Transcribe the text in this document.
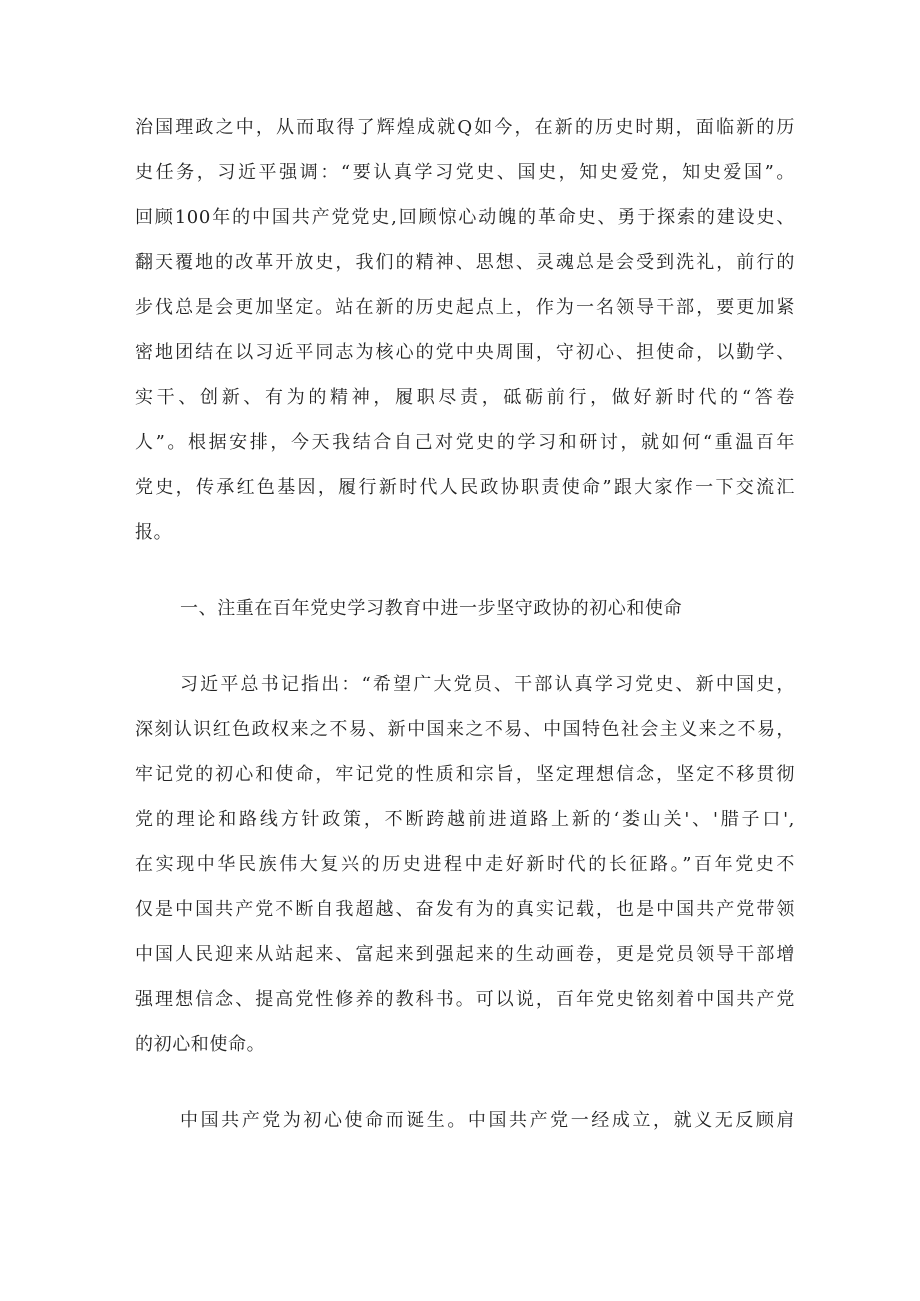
治国理政之中，从而取得了辉煌成就Q如今，在新的历史时期，面临新的历

史任务，习近平强调：“要认真学习党史、国史，知史爱党，知史爱国”。

回顾100年的中国共产党党史,回顾惊心动魄的革命史、勇于探索的建设史、

翻天覆地的改革开放史，我们的精神、思想、灵魂总是会受到洗礼，前行的

步伐总是会更加坚定。站在新的历史起点上，作为一名领导干部，要更加紧

密地团结在以习近平同志为核心的党中央周围，守初心、担使命，以勤学、

实干、创新、有为的精神，履职尽责，砥砺前行，做好新时代的“答卷

人”。根据安排，今天我结合自己对党史的学习和研讨，就如何“重温百年

党史，传承红色基因，履行新时代人民政协职责使命”跟大家作一下交流汇

报。

一、注重在百年党史学习教育中进一步坚守政协的初心和使命

习近平总书记指出：“希望广大党员、干部认真学习党史、新中国史，

深刻认识红色政权来之不易、新中国来之不易、中国特色社会主义来之不易，

牢记党的初心和使命，牢记党的性质和宗旨，坚定理想信念，坚定不移贯彻

党的理论和路线方针政策，不断跨越前进道路上新的‘娄山关'、'腊子口',

在实现中华民族伟大复兴的历史进程中走好新时代的长征路。”百年党史不

仅是中国共产党不断自我超越、奋发有为的真实记载，也是中国共产党带领

中国人民迎来从站起来、富起来到强起来的生动画卷，更是党员领导干部增

强理想信念、提高党性修养的教科书。可以说，百年党史铭刻着中国共产党

的初心和使命。

中国共产党为初心使命而诞生。中国共产党一经成立，就义无反顾肩
